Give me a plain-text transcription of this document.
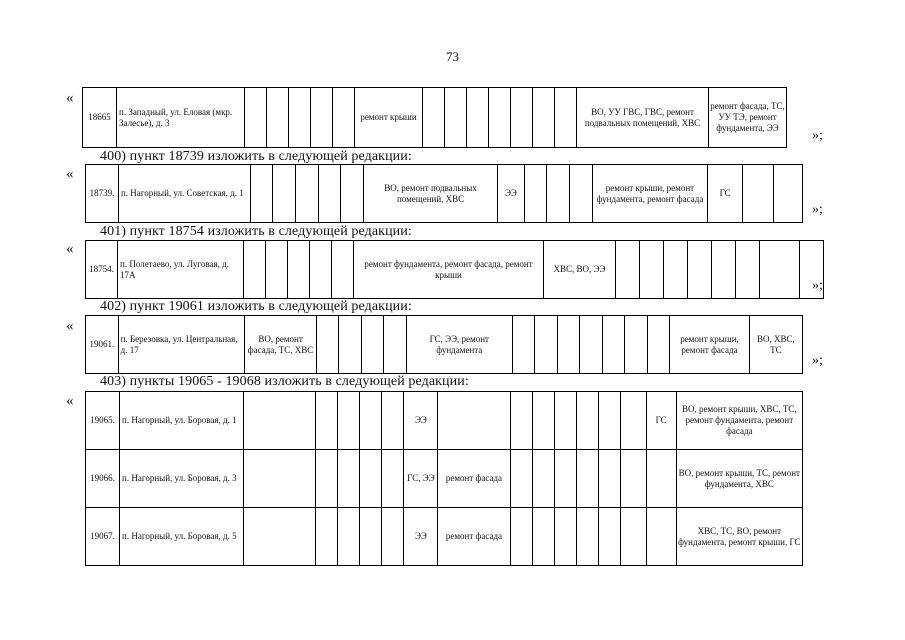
73
«
18665	п. Западный, ул. Еловая (мкр. Залесье), д. 3						ремонт крыши								ВО, УУ ГВС, ГВС, ремонт подвальных помещений, ХВС	ремонт фасада, ТС, УУ ТЭ, ремонт фундамента, ЭЭ »;
400) пункт 18739 изложить в следующей редакции:
«
18739.	п. Нагорный, ул. Советская, д. 1						ВО, ремонт подвальных помещений, ХВС	ЭЭ				ремонт крыши, ремонт фундамента, ремонт фасада	ГС		
»;
401) пункт 18754 изложить в следующей редакции:
«
18754.	п. Полетаево, ул. Луговая, д. 17А						ремонт фундамента, ремонт фасада, ремонт крыши	ХВС, ВО, ЭЭ								
»;
402) пункт 19061 изложить в следующей редакции:
«
19061.	п. Березовка, ул. Центральная, д. 17	ВО, ремонт фасада, ТС, ХВС					ГС, ЭЭ, ремонт фундамента								ремонт крыши, ремонт фасада	ВО, ХВС, ТС
»;
403) пункты 19065 - 19068 изложить в следующей редакции:
«
19065.	п. Нагорный, ул. Боровая, д. 1						ЭЭ								ГС	ВО, ремонт крыши, ХВС, ТС, ремонт фундамента, ремонт фасада
19066.	п. Нагорный, ул. Боровая, д. 3						ГС, ЭЭ	ремонт фасада								ВО, ремонт крыши, ТС, ремонт фундамента, ХВС
19067.	п. Нагорный, ул. Боровая, д. 5						ЭЭ	ремонт фасада								ХВС, ТС, ВО, ремонт фундамента, ремонт крыши, ГС
